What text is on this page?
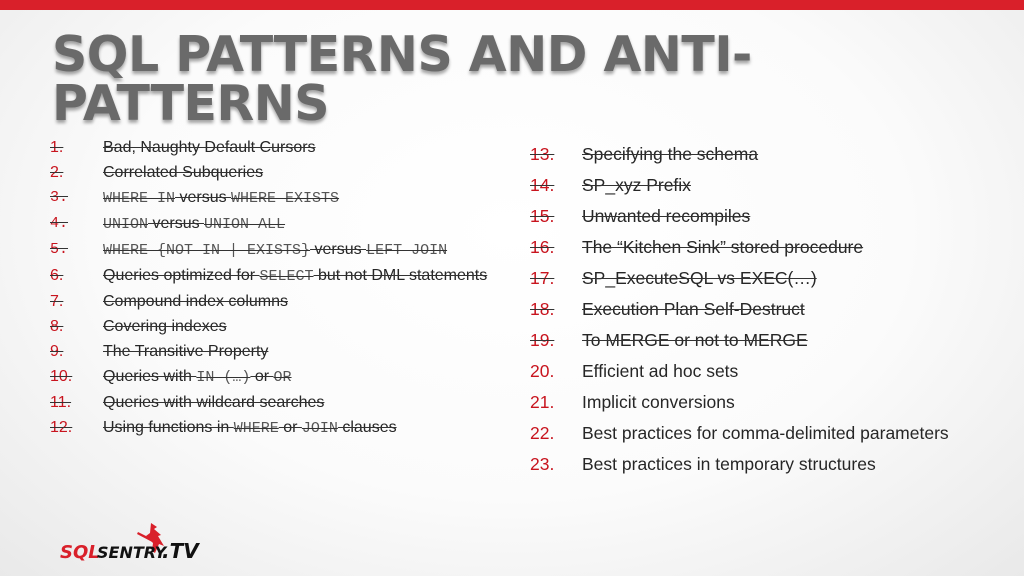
SQL PATTERNS AND ANTI-PATTERNS
1.	Bad, Naughty Default Cursors
2.	Correlated Subqueries
3.	WHERE IN versus WHERE EXISTS
4.	UNION versus UNION ALL
5.	WHERE {NOT IN | EXISTS} versus LEFT JOIN
6.	Queries optimized for SELECT but not DML statements
7.	Compound index columns
8.	Covering indexes
9.	The Transitive Property
10.	Queries with IN (…) or OR
11.	Queries with wildcard searches
12.	Using functions in WHERE or JOIN clauses
13.	Specifying the schema
14.	SP_xyz Prefix
15.	Unwanted recompiles
16.	The “Kitchen Sink” stored procedure
17.	SP_ExecuteSQL vs EXEC(…)
18.	Execution Plan Self-Destruct
19.	To MERGE or not to MERGE
20.	Efficient ad hoc sets
21.	Implicit conversions
22.	Best practices for comma-delimited parameters
23.	Best practices in temporary structures
SQL
SENTRY
.TV
